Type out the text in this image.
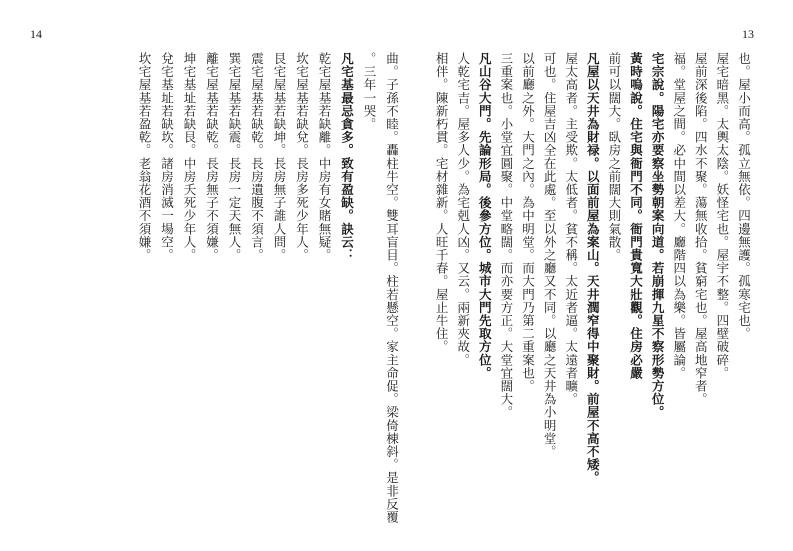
14	13
也。屋小而高。孤立無依。四邊無護。孤寒宅也。
屋宅暗黑。太輿太陰。妖怪宅也。屋宇不整。四壁破碎。
屋前深後陷。四水不聚。蕩無收拾。貧窮宅也。屋高地窄者。
福。堂屋之間。必中間以差大。廳階四以為樂。皆屬論。
宅宗說。陽宅亦要察坐勢朝案向道。若崩揮九星不察形勢方位。
黃時嗚說。住宅與衙門不同。衙門貴寬大壯觀。住房必嚴
前可以闊大。臥房之前闊大則氣散。
凡屋以天井為財禄。以面前屋為案山。天井潤窄得中聚財。前屋不高不矮。
屋太高者。主受欺。太低者。貧不稱。太近者逼。太遠者曠。
可也。住屋吉凶全在此處。至以外之廳又不同。以廳之天井為小明堂。
以前廳之外。大門之內。為中明堂。而大門乃第二重案也。
三重案也。小堂宜圓聚。中堂略闊。而亦要方正。大堂宜闊大。
凡山谷大門。先論形局。後參方位。城市大門先取方位。
人乾宅吉。屋多人少。為宅剋人凶。又云。兩新夾故。
相伴。陳新朽貫。宅材雜新。人旺千春。屋止牛住。
曲。子孫不睦。轟柱牛空。雙耳盲目。柱若懸空。家主命促。梁倚棟斜。是非反覆
。三年一哭。
凡宅基最忌貪多。致有盈缺。訣云：
乾宅屋基若缺離。中房有女賭無疑。
坎宅屋基若缺兌。長房多死少年人。
艮宅屋基若缺坤。長房無子誰人問。
震宅屋基若缺乾。長房遺腹不須言。
巽宅屋基若缺震。長房一定天無人。
離宅屋基若缺乾。長房無子不須嫌。
坤宅基址若缺艮。中房夭死少年人。
兌宅基址若缺坎。諸房消滅一場空。
坎宅屋基若盈乾。老翁花酒不須嫌。
